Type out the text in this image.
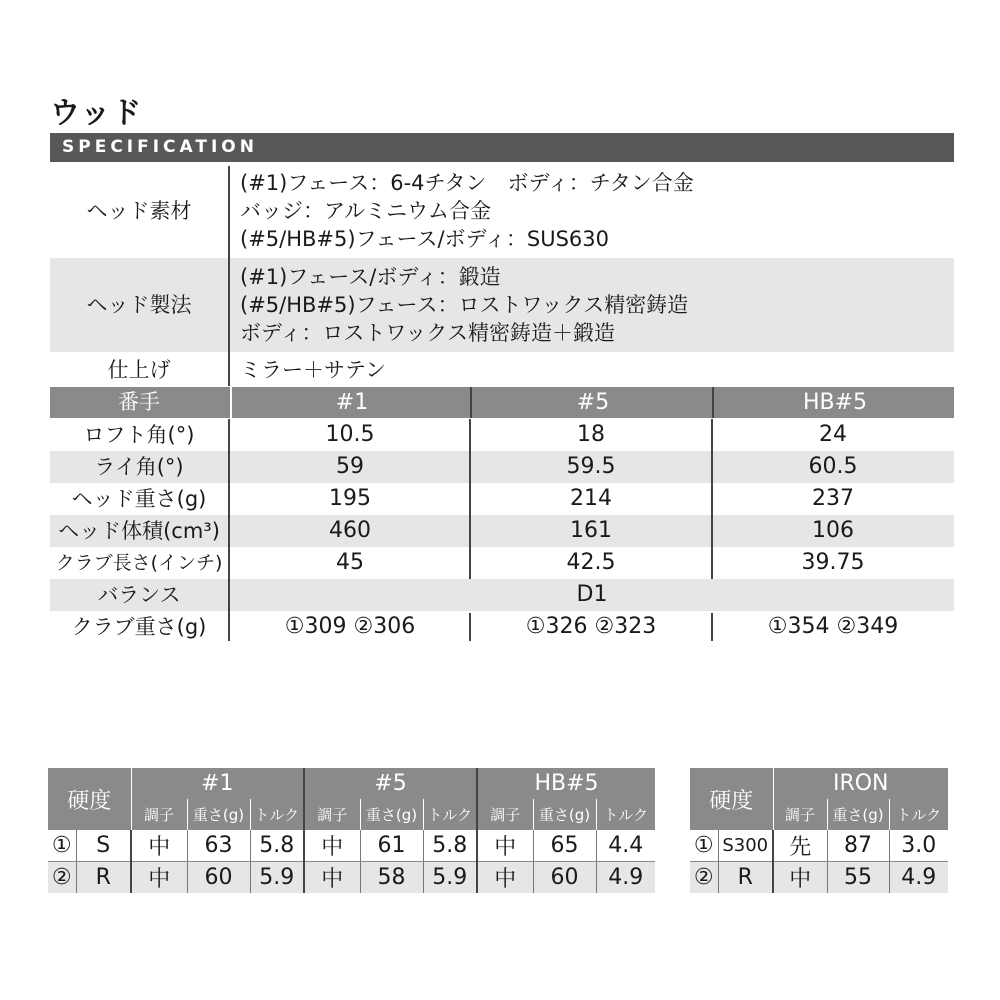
ウッド
SPECIFICATION
ヘッド素材
(#1)フェース：6-4チタン　ボディ：チタン合金
バッジ：アルミニウム合金
(#5/HB#5)フェース/ボディ：SUS630
ヘッド製法
(#1)フェース/ボディ：鍛造
(#5/HB#5)フェース：ロストワックス精密鋳造
ボディ：ロストワックス精密鋳造＋鍛造
仕上げ	ミラー＋サテン
番手	#1	#5	HB#5
ロフト角(°)	10.5	18	24
ライ角(°)	59	59.5	60.5
ヘッド重さ(g)	195	214	237
ヘッド体積(cm³)	460	161	106
クラブ長さ(インチ)	45	42.5	39.75
バランス	D1
クラブ重さ(g)	①309 ②306	①326 ②323	①354 ②349
硬度		#1			#5			HB#5		
		調子	重さ(g)	トルク	調子	重さ(g)	トルク	調子	重さ(g)	トルク
①	S	中	63	5.8	中	61	5.8	中	65	4.4
②	R	中	60	5.9	中	58	5.9	中	60	4.9
硬度		IRON		
		調子	重さ(g)	トルク
①	S300	先	87	3.0
②	R	中	55	4.9
